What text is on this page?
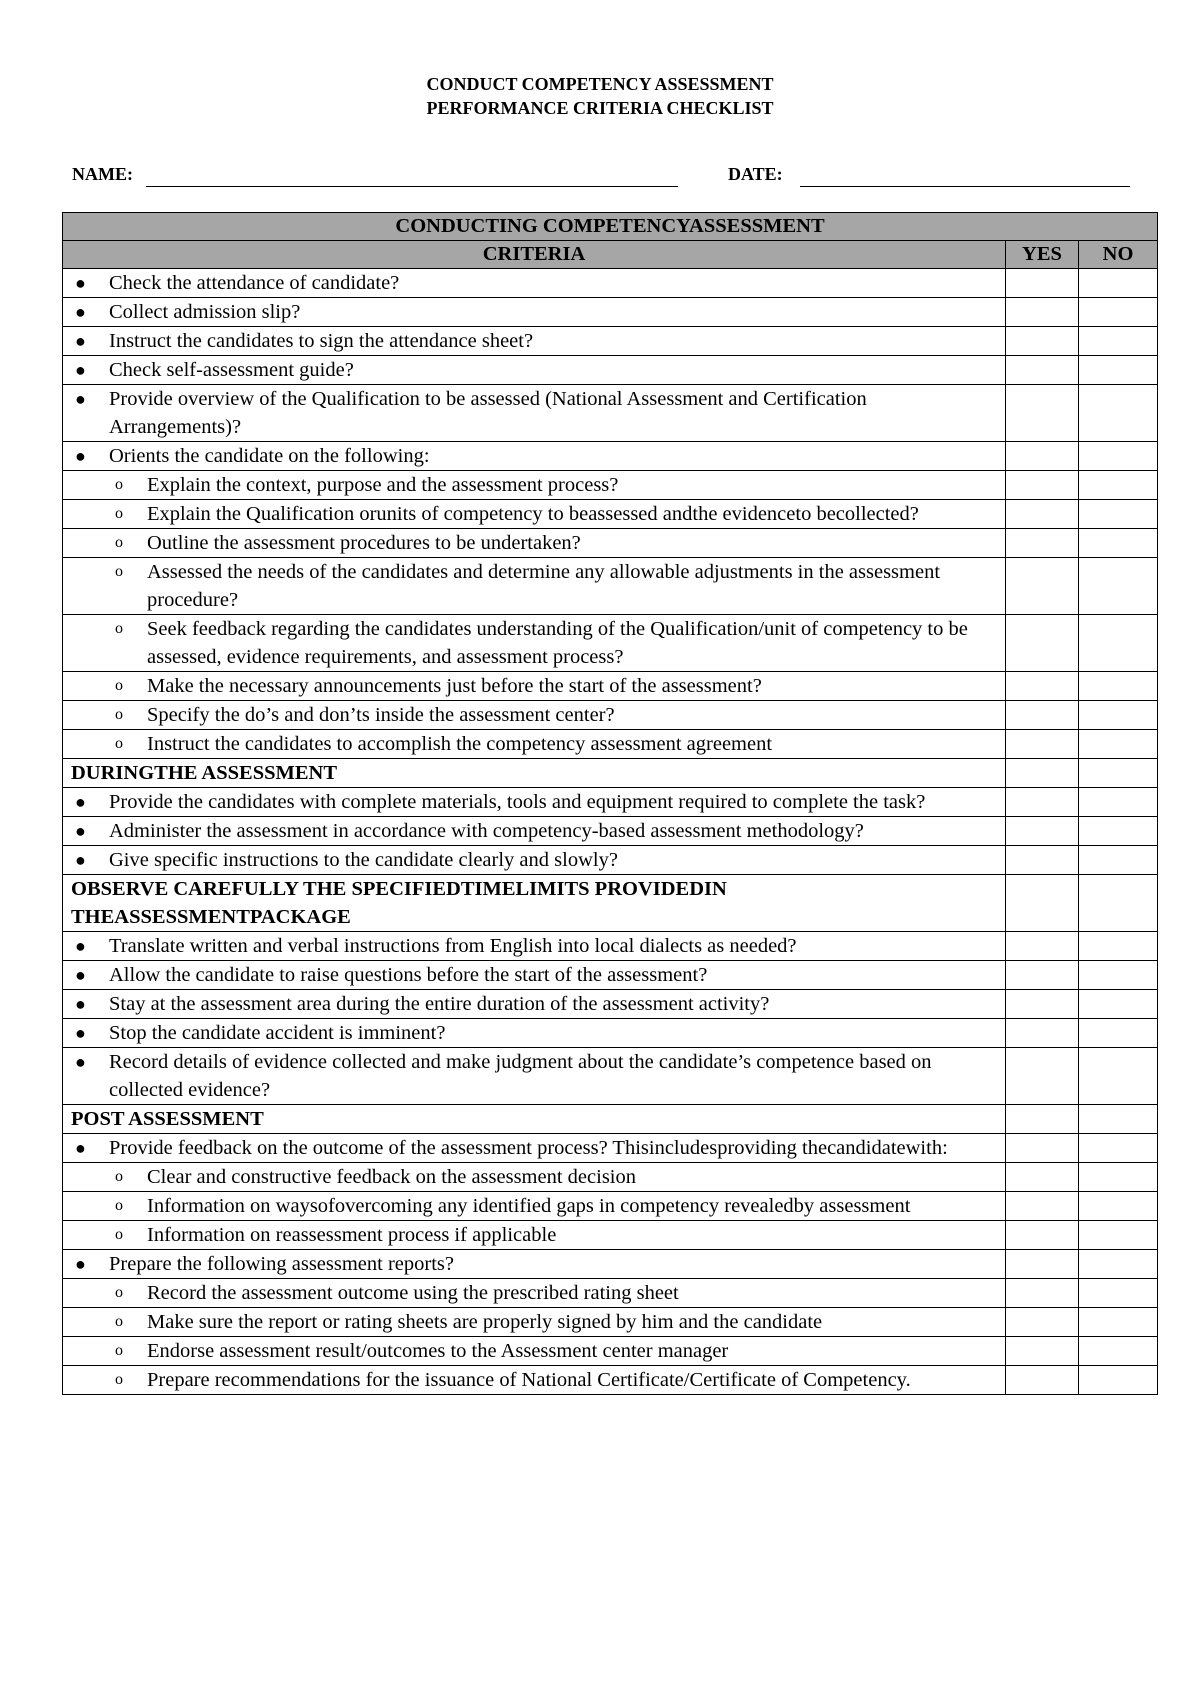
CONDUCT COMPETENCY ASSESSMENT
PERFORMANCE CRITERIA CHECKLIST
NAME:	DATE:
CONDUCTING COMPETENCYASSESSMENT		
CRITERIA	YES	NO

● Check the attendance of candidate?		

● Collect admission slip?		

● Instruct the candidates to sign the attendance sheet?		

● Check self-assessment guide?		

● Provide overview of the Qualification to be assessed (National Assessment and Certification Arrangements)?		

● Orients the candidate on the following:		

o Explain the context, purpose and the assessment process?		

o Explain the Qualification orunits of competency to beassessed andthe evidenceto becollected?		

o Outline the assessment procedures to be undertaken?		

o Assessed the needs of the candidates and determine any allowable adjustments in the assessment procedure?		

o Seek feedback regarding the candidates understanding of the Qualification/unit of competency to be assessed, evidence requirements, and assessment process?		

o Make the necessary announcements just before the start of the assessment?		

o Specify the do’s and don’ts inside the assessment center?		

o Instruct the candidates to accomplish the competency assessment agreement		

DURINGTHE ASSESSMENT		

● Provide the candidates with complete materials, tools and equipment required to complete the task?		

● Administer the assessment in accordance with competency-based assessment methodology?		

● Give specific instructions to the candidate clearly and slowly?		

OBSERVE CAREFULLY THE SPECIFIEDTIMELIMITS PROVIDEDIN THEASSESSMENTPACKAGE		

● Translate written and verbal instructions from English into local dialects as needed?		

● Allow the candidate to raise questions before the start of the assessment?		

● Stay at the assessment area during the entire duration of the assessment activity?		

● Stop the candidate accident is imminent?		

● Record details of evidence collected and make judgment about the candidate’s competence based on collected evidence?		

POST ASSESSMENT		

● Provide feedback on the outcome of the assessment process? Thisincludesproviding thecandidatewith:		

o Clear and constructive feedback on the assessment decision		

o Information on waysofovercoming any identified gaps in competency revealedby assessment		

o Information on reassessment process if applicable		

● Prepare the following assessment reports?		

o Record the assessment outcome using the prescribed rating sheet		

o Make sure the report or rating sheets are properly signed by him and the candidate		

o Endorse assessment result/outcomes to the Assessment center manager		

o Prepare recommendations for the issuance of National Certificate/Certificate of Competency.		
